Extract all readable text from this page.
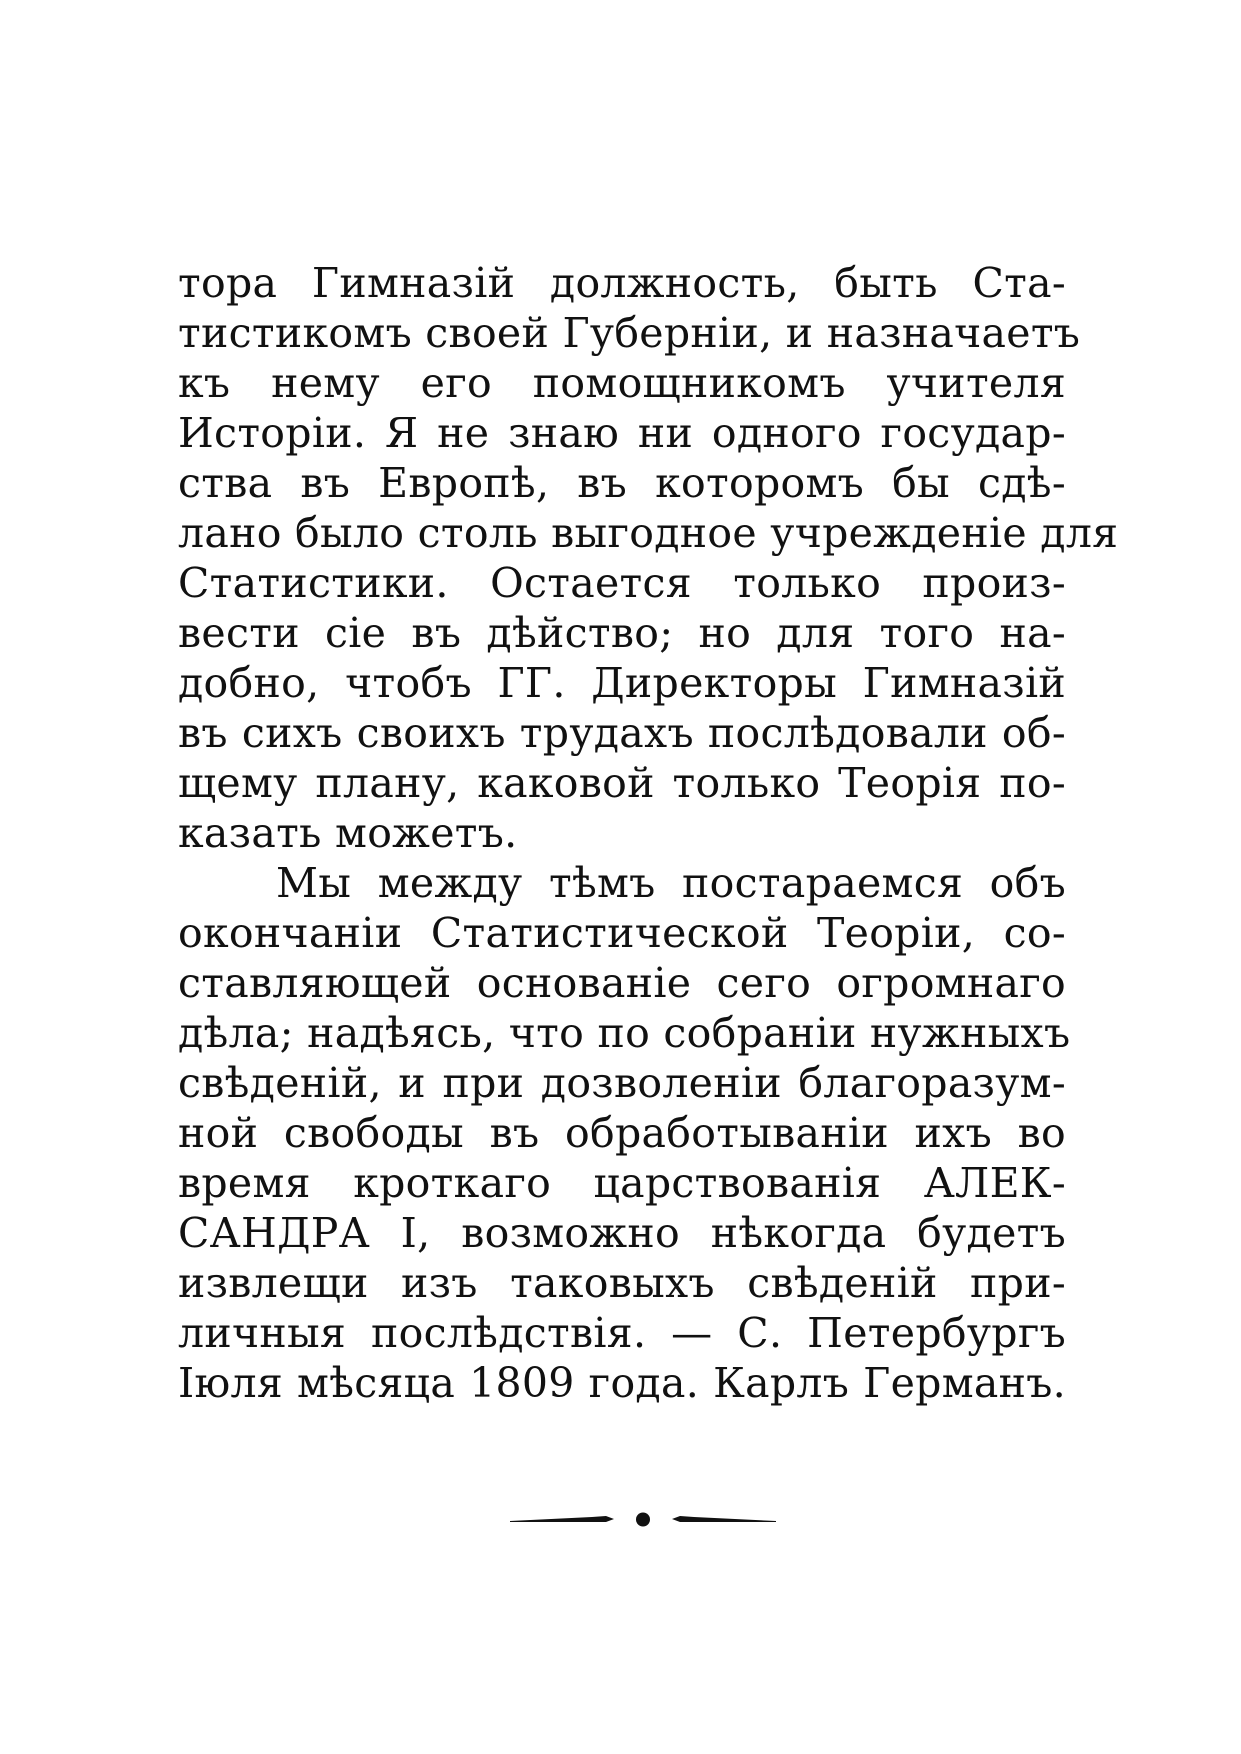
тора Гимназій должность, быть Ста-
тистикомъ своей Губерніи, и назначаетъ
къ нему его помощникомъ учителя
Исторіи. Я не знаю ни одного государ-
ства въ Европѣ, въ которомъ бы сдѣ-
лано было столь выгодное учрежденіе для
Статистики. Остается только произ-
вести сіе въ дѣйство; но для того на-
добно, чтобъ ГГ. Директоры Гимназій
въ сихъ своихъ трудахъ послѣдовали об-
щему плану, каковой только Теорія по-
казать можетъ.
Мы между тѣмъ постараемся объ
окончаніи Статистической Теоріи, со-
ставляющей основаніе сего огромнаго
дѣла; надѣясь, что по собраніи нужныхъ
свѣденій, и при дозволеніи благоразум-
ной свободы въ обработываніи ихъ во
время кроткаго царствованія АЛЕК-
САНДРА I, возможно нѣкогда будетъ
извлещи изъ таковыхъ свѣденій при-
личныя послѣдствія. — С. Петербургъ
Іюля мѣсяца 1809 года. Карлъ Германъ.
